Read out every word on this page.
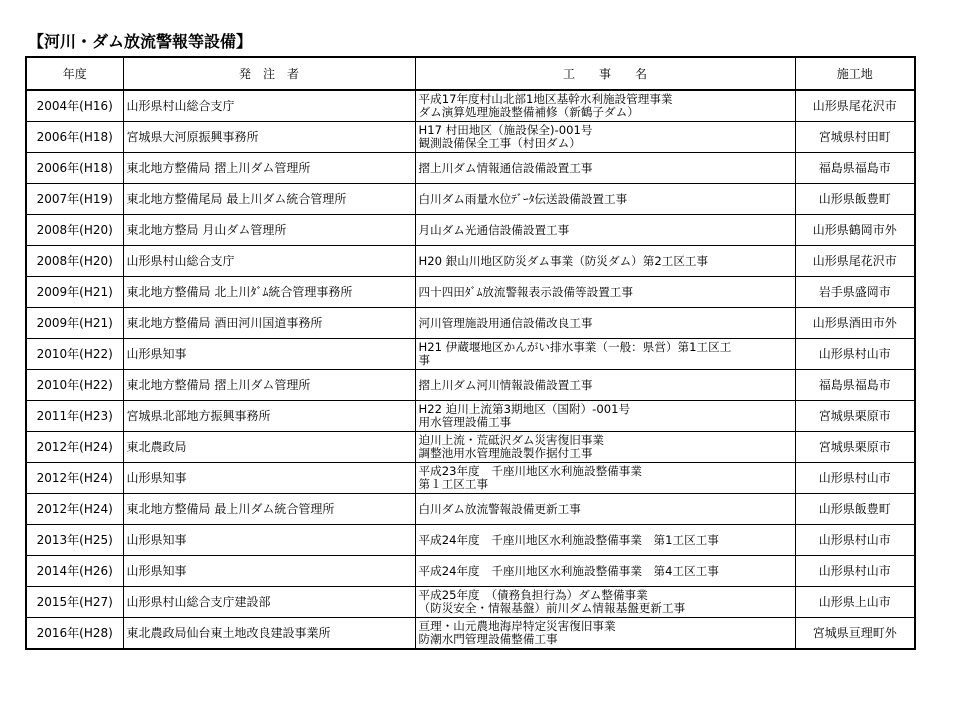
【河川・ダム放流警報等設備】
年度	発　注　者	工　　事　　名	施工地
2004年(H16)	山形県村山総合支庁	平成17年度村山北部1地区基幹水利施設管理事業
ダム演算処理施設整備補修（新鶴子ダム）	山形県尾花沢市
2006年(H18)	宮城県大河原振興事務所	H17 村田地区（施設保全)-001号
観測設備保全工事（村田ダム）	宮城県村田町
2006年(H18)	東北地方整備局 摺上川ダム管理所	摺上川ダム情報通信設備設置工事	福島県福島市
2007年(H19)	東北地方整備尾局 最上川ダム統合管理所	白川ダム雨量水位ﾃﾞｰﾀ伝送設備設置工事	山形県飯豊町
2008年(H20)	東北地方整局 月山ダム管理所	月山ダム光通信設備設置工事	山形県鶴岡市外
2008年(H20)	山形県村山総合支庁	H20 銀山川地区防災ダム事業（防災ダム）第2工区工事	山形県尾花沢市
2009年(H21)	東北地方整備局 北上川ﾀﾞﾑ統合管理事務所	四十四田ﾀﾞﾑ放流警報表示設備等設置工事	岩手県盛岡市
2009年(H21)	東北地方整備局 酒田河川国道事務所	河川管理施設用通信設備改良工事	山形県酒田市外
2010年(H22)	山形県知事	H21 伊蔵堰地区かんがい排水事業（一般：県営）第1工区工
事	山形県村山市
2010年(H22)	東北地方整備局 摺上川ダム管理所	摺上川ダム河川情報設備設置工事	福島県福島市
2011年(H23)	宮城県北部地方振興事務所	H22 迫川上流第3期地区（国附）-001号
用水管理設備工事	宮城県栗原市
2012年(H24)	東北農政局	迫川上流・荒砥沢ダム災害復旧事業
調整池用水管理施設製作据付工事	宮城県栗原市
2012年(H24)	山形県知事	平成23年度　千座川地区水利施設整備事業
第１工区工事	山形県村山市
2012年(H24)	東北地方整備局 最上川ダム統合管理所	白川ダム放流警報設備更新工事	山形県飯豊町
2013年(H25)	山形県知事	平成24年度　千座川地区水利施設整備事業　第1工区工事	山形県村山市
2014年(H26)	山形県知事	平成24年度　千座川地区水利施設整備事業　第4工区工事	山形県村山市
2015年(H27)	山形県村山総合支庁建設部	平成25年度　（債務負担行為）ダム整備事業
（防災安全・情報基盤）前川ダム情報基盤更新工事	山形県上山市
2016年(H28)	東北農政局仙台東土地改良建設事業所	亘理・山元農地海岸特定災害復旧事業
防潮水門管理設備整備工事	宮城県亘理町外
